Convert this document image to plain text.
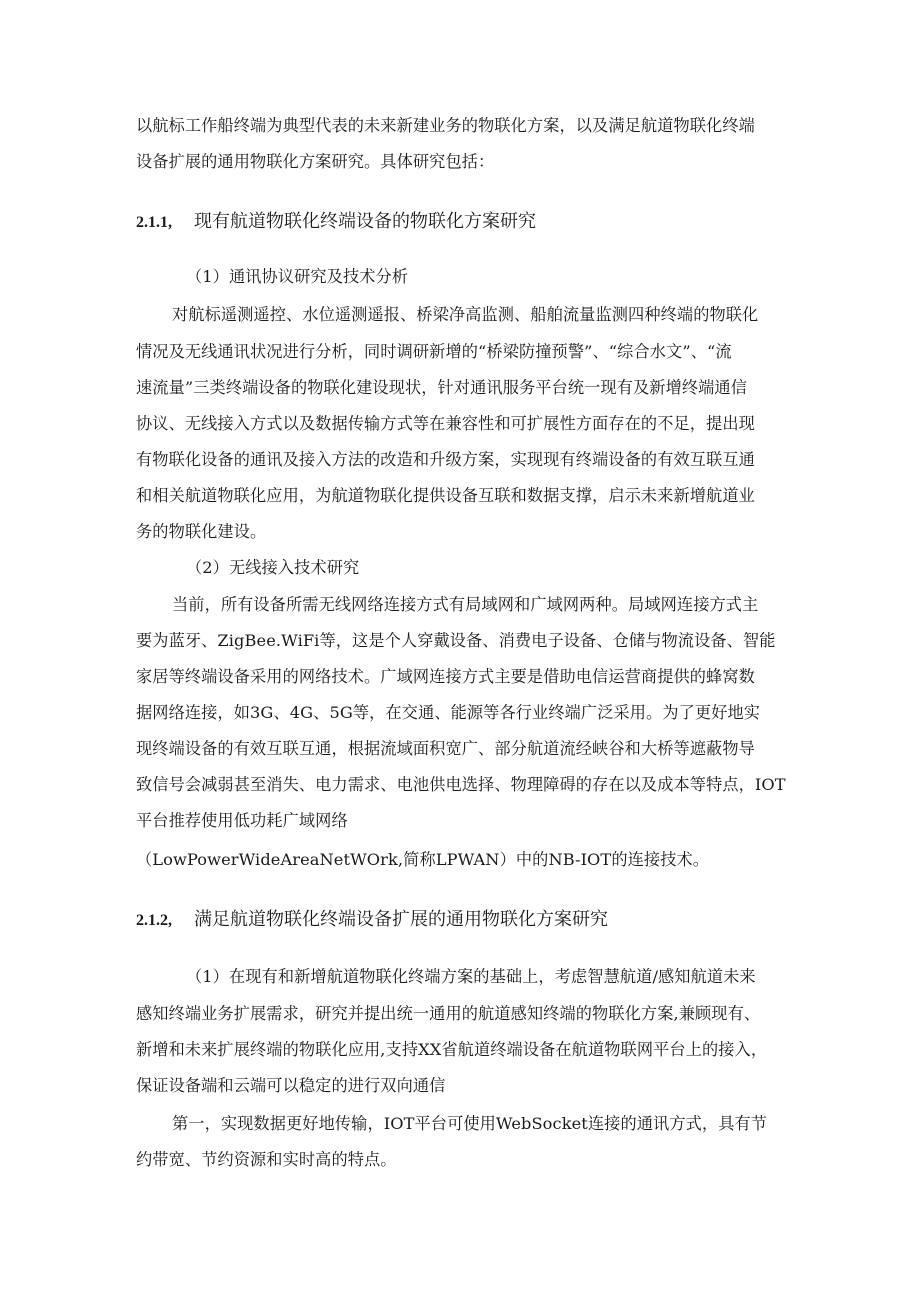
以航标工作船终端为典型代表的未来新建业务的物联化方案，以及满足航道物联化终端
设备扩展的通用物联化方案研究。具体研究包括：
2.1.1, 现有航道物联化终端设备的物联化方案研究
（1）通讯协议研究及技术分析
对航标遥测遥控、水位遥测遥报、桥梁净高监测、船舶流量监测四种终端的物联化
情况及无线通讯状况进行分析，同时调研新增的“桥梁防撞预警”、“综合水文”、“流
速流量”三类终端设备的物联化建设现状，针对通讯服务平台统一现有及新增终端通信
协议、无线接入方式以及数据传输方式等在兼容性和可扩展性方面存在的不足，提出现
有物联化设备的通讯及接入方法的改造和升级方案，实现现有终端设备的有效互联互通
和相关航道物联化应用，为航道物联化提供设备互联和数据支撑，启示未来新增航道业
务的物联化建设。
（2）无线接入技术研究
当前，所有设备所需无线网络连接方式有局域网和广域网两种。局域网连接方式主
要为蓝牙、ZigBee.WiFi等，这是个人穿戴设备、消费电子设备、仓储与物流设备、智能
家居等终端设备采用的网络技术。广域网连接方式主要是借助电信运营商提供的蜂窝数
据网络连接，如3G、4G、5G等，在交通、能源等各行业终端广泛采用。为了更好地实
现终端设备的有效互联互通，根据流域面积宽广、部分航道流经峡谷和大桥等遮蔽物导
致信号会减弱甚至消失、电力需求、电池供电选择、物理障碍的存在以及成本等特点，IOT
平台推荐使用低功耗广域网络
（LowPowerWideAreaNetWOrk,简称LPWAN）中的NB-IOT的连接技术。
2.1.2, 满足航道物联化终端设备扩展的通用物联化方案研究
（1）在现有和新增航道物联化终端方案的基础上，考虑智慧航道/感知航道未来
感知终端业务扩展需求，研究并提出统一通用的航道感知终端的物联化方案,兼顾现有、
新增和未来扩展终端的物联化应用,支持XX省航道终端设备在航道物联网平台上的接入，
保证设备端和云端可以稳定的进行双向通信
第一，实现数据更好地传输，IOT平台可使用WebSocket连接的通讯方式，具有节
约带宽、节约资源和实时高的特点。
